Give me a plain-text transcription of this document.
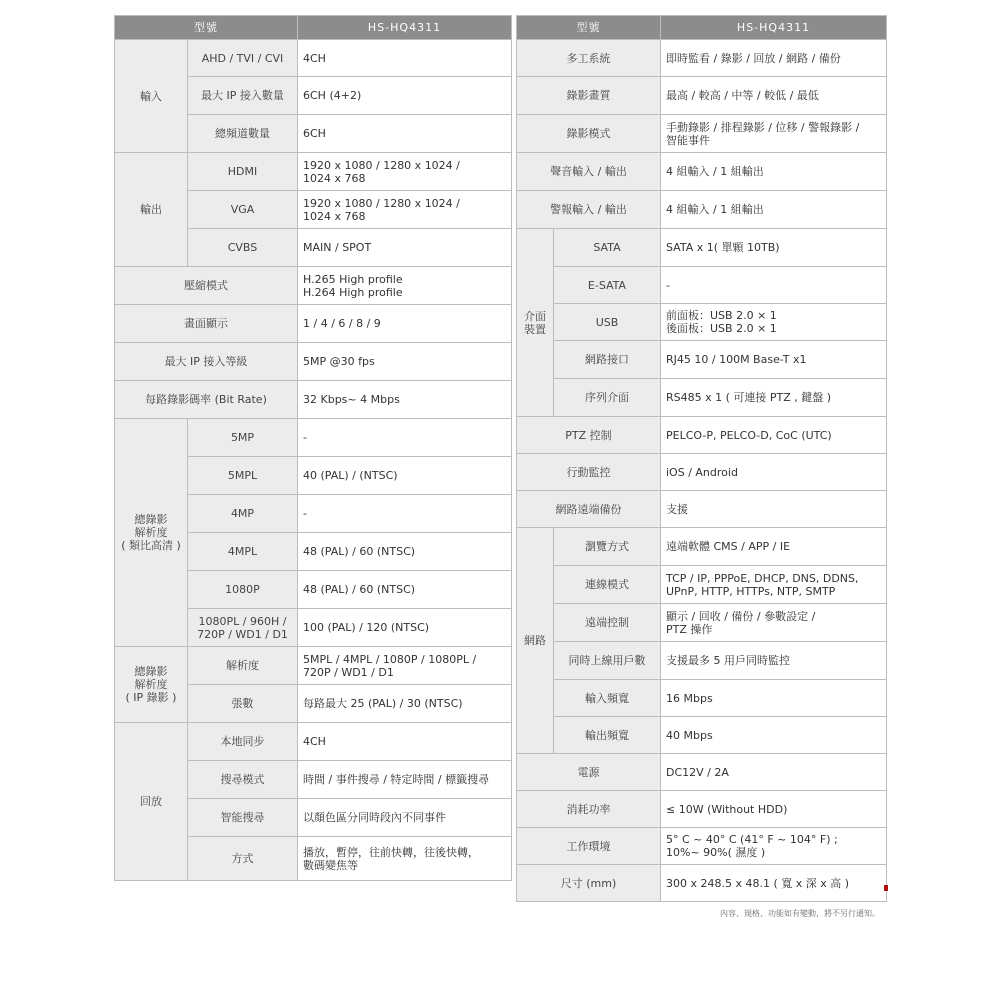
型號		HS-HQ4311
輸入	AHD / TVI / CVI	4CH
	最大 IP 接入數量	6CH (4+2)
	總頻道數量	6CH
輸出	HDMI	1920 x 1080 / 1280 x 1024 /
1024 x 768
	VGA	1920 x 1080 / 1280 x 1024 /
1024 x 768
	CVBS	MAIN / SPOT
壓縮模式		H.265 High profile
H.264 High profile
畫面顯示		1 / 4 / 6 / 8 / 9
最大 IP 接入等級		5MP @30 fps
每路錄影碼率 (Bit Rate)		32 Kbps~ 4 Mbps
總錄影
解析度
( 類比高清 )	5MP	-
	5MPL	40 (PAL) / (NTSC)
	4MP	-
	4MPL	48 (PAL) / 60 (NTSC)
	1080P	48 (PAL) / 60 (NTSC)
	1080PL / 960H /
720P / WD1 / D1	100 (PAL) / 120 (NTSC)
總錄影
解析度
( IP 錄影 )	解析度	5MPL / 4MPL / 1080P / 1080PL /
720P / WD1 / D1
	張數	每路最大 25 (PAL) / 30 (NTSC)
回放	本地同步	4CH
	搜尋模式	時間 / 事件搜尋 / 特定時間 / 標籤搜尋
	智能搜尋	以顏色區分同時段內不同事件
	方式	播放，暫停，往前快轉，往後快轉，
數碼變焦等
型號		HS-HQ4311
多工系統		即時監看 / 錄影 / 回放 / 網路 / 備份
錄影畫質		最高 / 較高 / 中等 / 較低 / 最低
錄影模式		手動錄影 / 排程錄影 / 位移 / 警報錄影 /
智能事件
聲音輸入 / 輸出		4 組輸入 / 1 組輸出
警報輸入 / 輸出		4 組輸入 / 1 組輸出
介面
裝置	SATA	SATA x 1( 單顆 10TB)
	E-SATA	-
	USB	前面板：USB 2.0 × 1
後面板：USB 2.0 × 1
	網路接口	RJ45 10 / 100M Base-T x1
	序列介面	RS485 x 1 ( 可連接 PTZ , 鍵盤 )
PTZ 控制		PELCO-P, PELCO-D, CoC (UTC)
行動監控		iOS / Android
網路遠端備份		支援
網路	瀏覽方式	遠端軟體 CMS / APP / IE
	連線模式	TCP / IP, PPPoE, DHCP, DNS, DDNS,
UPnP, HTTP, HTTPs, NTP, SMTP
	遠端控制	顯示 / 回收 / 備份 / 參數設定 /
PTZ 操作
	同時上線用戶數	支援最多 5 用戶同時監控
	輸入頻寬	16 Mbps
	輸出頻寬	40 Mbps
電源		DC12V / 2A
消耗功率		≤ 10W (Without HDD)
工作環境		5° C ~ 40° C (41° F ~ 104° F) ;
10%~ 90%( 濕度 )
尺寸 (mm)		300 x 248.5 x 48.1 ( 寬 x 深 x 高 )
內容、規格、功能如有變動，將不另行通知。
